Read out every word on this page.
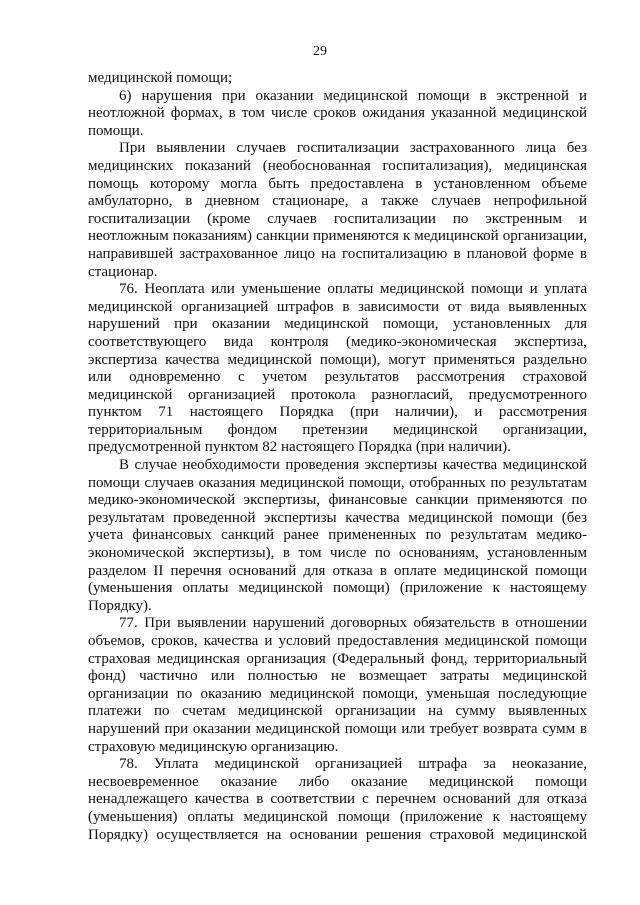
29

медицинской помощи;

6) нарушения при оказании медицинской помощи в экстренной и неотложной формах, в том числе сроков ожидания указанной медицинской помощи.

При выявлении случаев госпитализации застрахованного лица без медицинских показаний (необоснованная госпитализация), медицинская помощь которому могла быть предоставлена в установленном объеме амбулаторно, в дневном стационаре, а также случаев непрофильной госпитализации (кроме случаев госпитализации по экстренным и неотложным показаниям) санкции применяются к медицинской организации, направившей застрахованное лицо на госпитализацию в плановой форме в стационар.

76. Неоплата или уменьшение оплаты медицинской помощи и уплата медицинской организацией штрафов в зависимости от вида выявленных нарушений при оказании медицинской помощи, установленных для соответствующего вида контроля (медико-экономическая экспертиза, экспертиза качества медицинской помощи), могут применяться раздельно или одновременно с учетом результатов рассмотрения страховой медицинской организацией протокола разногласий, предусмотренного пунктом 71 настоящего Порядка (при наличии), и рассмотрения территориальным фондом претензии медицинской организации, предусмотренной пунктом 82 настоящего Порядка (при наличии).

В случае необходимости проведения экспертизы качества медицинской помощи случаев оказания медицинской помощи, отобранных по результатам медико-экономической экспертизы, финансовые санкции применяются по результатам проведенной экспертизы качества медицинской помощи (без учета финансовых санкций ранее примененных по результатам медико-экономической экспертизы), в том числе по основаниям, установленным разделом II перечня оснований для отказа в оплате медицинской помощи (уменьшения оплаты медицинской помощи) (приложение к настоящему Порядку).

77. При выявлении нарушений договорных обязательств в отношении объемов, сроков, качества и условий предоставления медицинской помощи страховая медицинская организация (Федеральный фонд, территориальный фонд) частично или полностью не возмещает затраты медицинской организации по оказанию медицинской помощи, уменьшая последующие платежи по счетам медицинской организации на сумму выявленных нарушений при оказании медицинской помощи или требует возврата сумм в страховую медицинскую организацию.

78. Уплата медицинской организацией штрафа за неоказание, несвоевременное оказание либо оказание медицинской помощи ненадлежащего качества в соответствии с перечнем оснований для отказа (уменьшения) оплаты медицинской помощи (приложение к настоящему Порядку) осуществляется на основании решения страховой медицинской
